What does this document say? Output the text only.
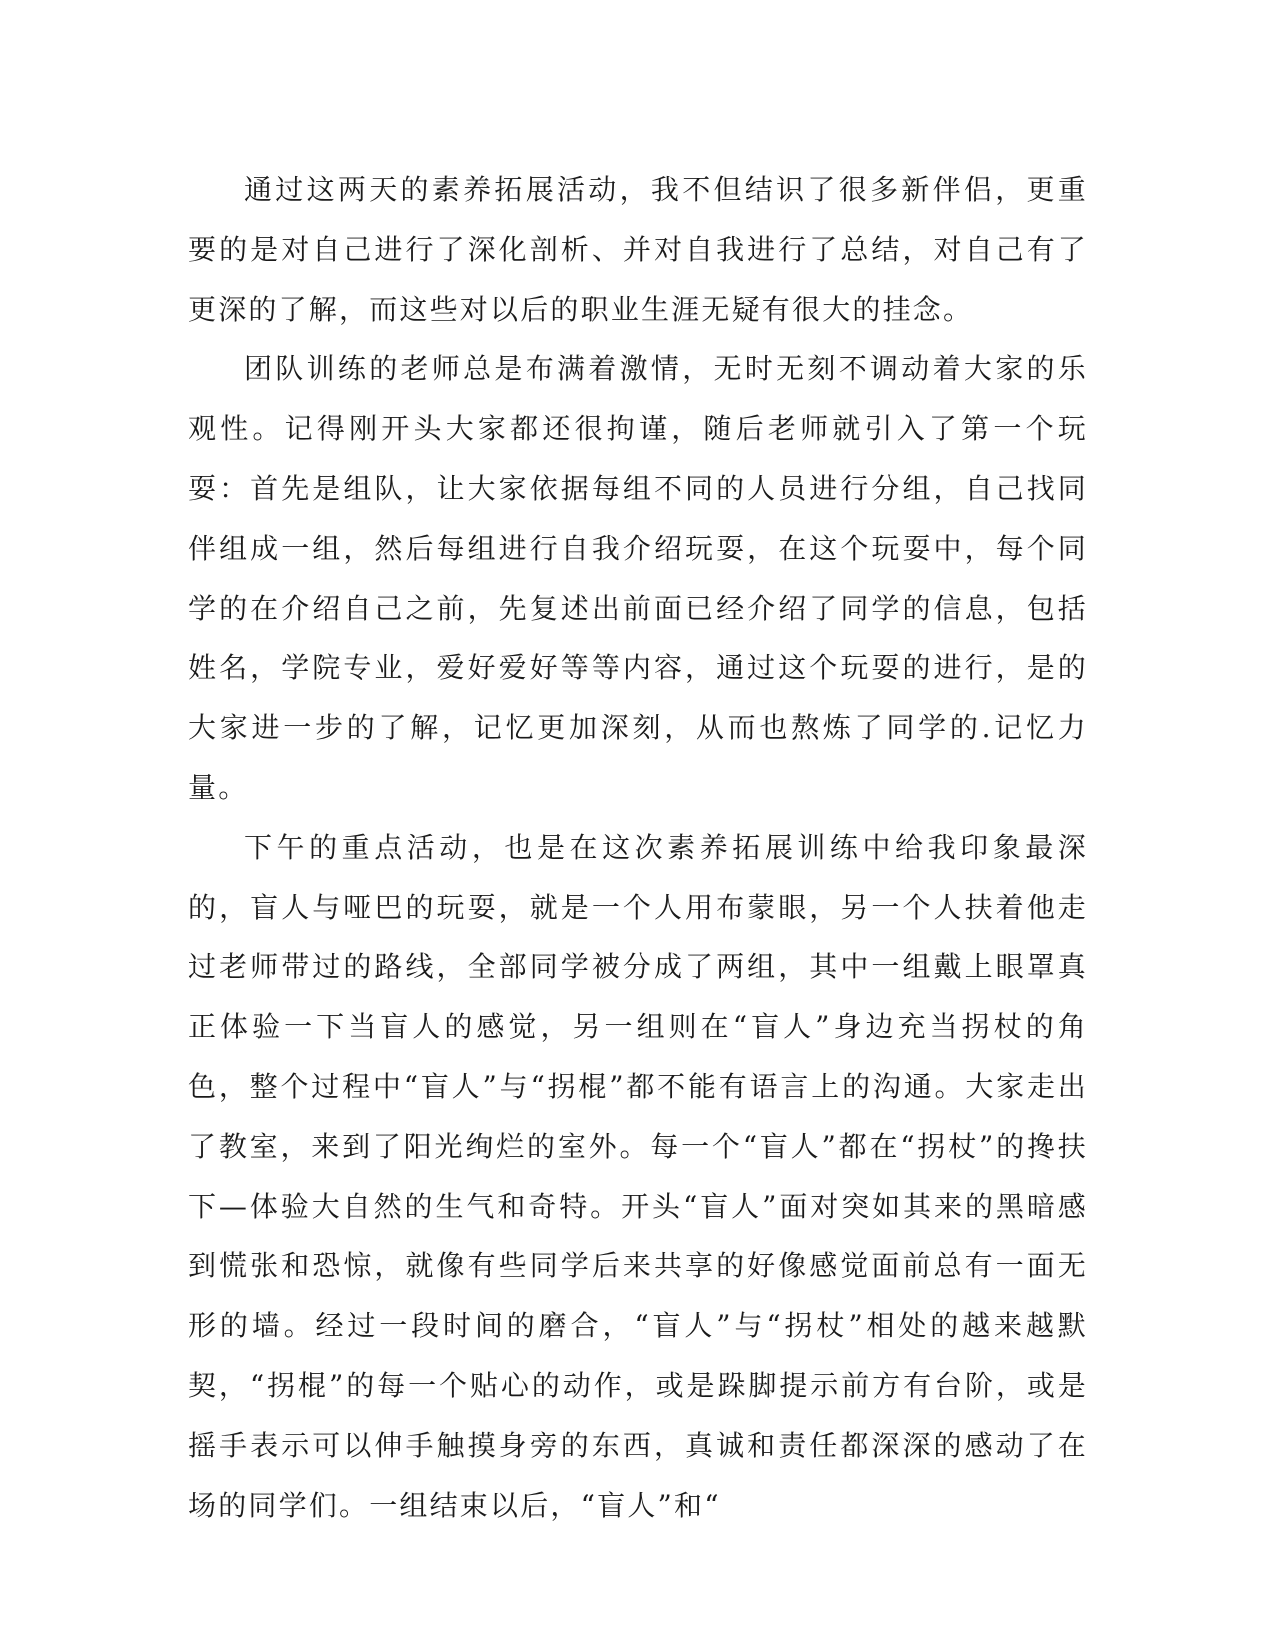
通过这两天的素养拓展活动，我不但结识了很多新伴侣，更重要的是对自己进行了深化剖析、并对自我进行了总结，对自己有了更深的了解，而这些对以后的职业生涯无疑有很大的挂念。

团队训练的老师总是布满着激情，无时无刻不调动着大家的乐观性。记得刚开头大家都还很拘谨，随后老师就引入了第一个玩耍：首先是组队，让大家依据每组不同的人员进行分组，自己找同伴组成一组，然后每组进行自我介绍玩耍，在这个玩耍中，每个同学的在介绍自己之前，先复述出前面已经介绍了同学的信息，包括姓名，学院专业，爱好爱好等等内容，通过这个玩耍的进行，是的大家进一步的了解，记忆更加深刻，从而也熬炼了同学的.记忆力量。

下午的重点活动，也是在这次素养拓展训练中给我印象最深的，盲人与哑巴的玩耍，就是一个人用布蒙眼，另一个人扶着他走过老师带过的路线，全部同学被分成了两组，其中一组戴上眼罩真正体验一下当盲人的感觉，另一组则在“盲人”身边充当拐杖的角色，整个过程中“盲人”与“拐棍”都不能有语言上的沟通。大家走出了教室，来到了阳光绚烂的室外。每一个“盲人”都在“拐杖”的搀扶下—体验大自然的生气和奇特。开头“盲人”面对突如其来的黑暗感到慌张和恐惊，就像有些同学后来共享的好像感觉面前总有一面无形的墙。经过一段时间的磨合，“盲人”与“拐杖”相处的越来越默契，“拐棍”的每一个贴心的动作，或是跺脚提示前方有台阶，或是摇手表示可以伸手触摸身旁的东西，真诚和责任都深深的感动了在场的同学们。一组结束以后，“盲人”和“
